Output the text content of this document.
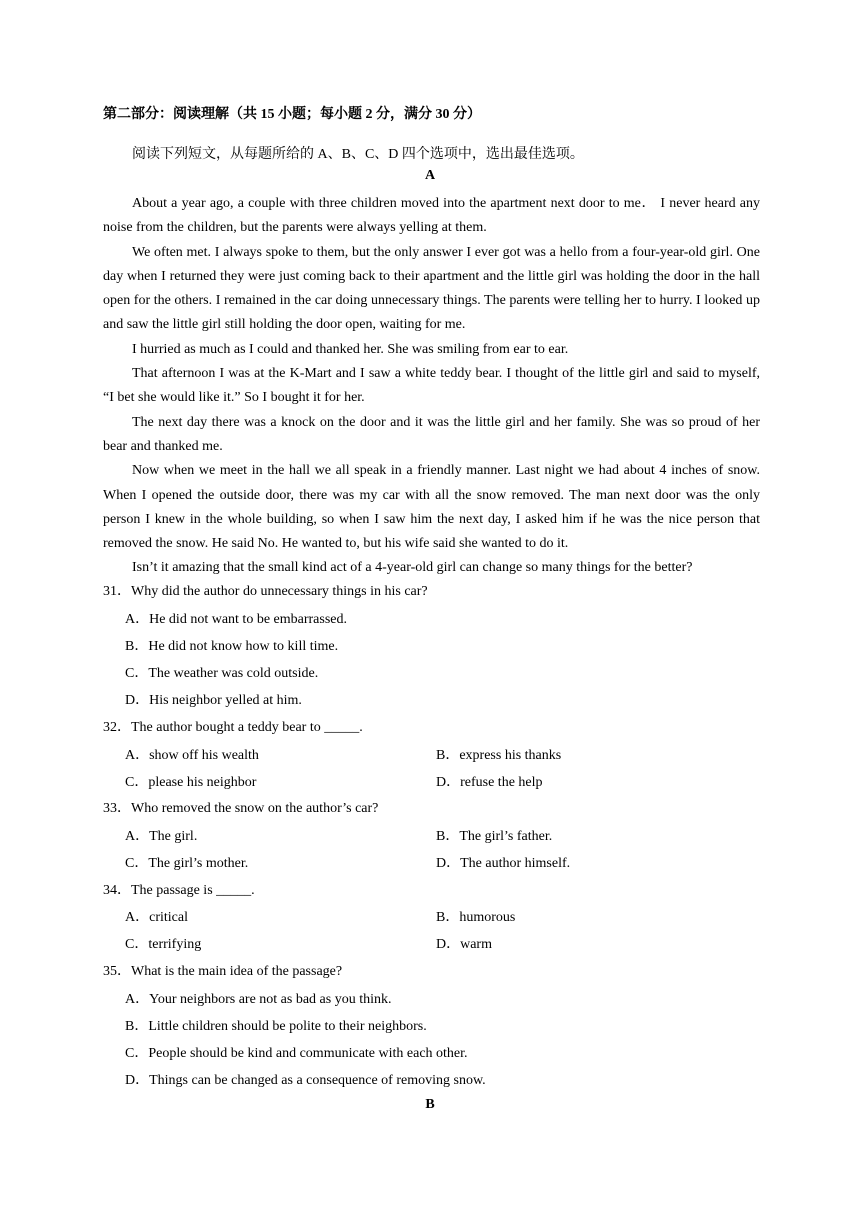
第二部分：阅读理解（共 15 小题；每小题 2 分，满分 30 分）
阅读下列短文，从每题所给的 A、B、C、D 四个选项中，选出最佳选项。
A

About a year ago, a couple with three children moved into the apartment next door to me． I never heard any noise from the children, but the parents were always yelling at them.

We often met. I always spoke to them, but the only answer I ever got was a hello from a four-year-old girl. One day when I returned they were just coming back to their apartment and the little girl was holding the door in the hall open for the others. I remained in the car doing unnecessary things. The parents were telling her to hurry. I looked up and saw the little girl still holding the door open, waiting for me.

I hurried as much as I could and thanked her. She was smiling from ear to ear.

That afternoon I was at the K-Mart and I saw a white teddy bear. I thought of the little girl and said to myself, “I bet she would like it.” So I bought it for her.

The next day there was a knock on the door and it was the little girl and her family. She was so proud of her bear and thanked me.

Now when we meet in the hall we all speak in a friendly manner. Last night we had about 4 inches of snow. When I opened the outside door, there was my car with all the snow removed. The man next door was the only person I knew in the whole building, so when I saw him the next day, I asked him if he was the nice person that removed the snow. He said No. He wanted to, but his wife said she wanted to do it.

Isn’t it amazing that the small kind act of a 4-year-old girl can change so many things for the better?

31．Why did the author do unnecessary things in his car?
A．He did not want to be embarrassed.
B．He did not know how to kill time.
C．The weather was cold outside.
D．His neighbor yelled at him.
32．The author bought a teddy bear to _____.
A．show off his wealth	B．express his thanks
C．please his neighbor	D．refuse the help
33．Who removed the snow on the author’s car?
A．The girl.	B．The girl’s father.
C．The girl’s mother.	D．The author himself.
34．The passage is _____.
A．critical	B．humorous
C．terrifying	D．warm
35．What is the main idea of the passage?
A．Your neighbors are not as bad as you think.
B．Little children should be polite to their neighbors.
C．People should be kind and communicate with each other.
D．Things can be changed as a consequence of removing snow.
B
